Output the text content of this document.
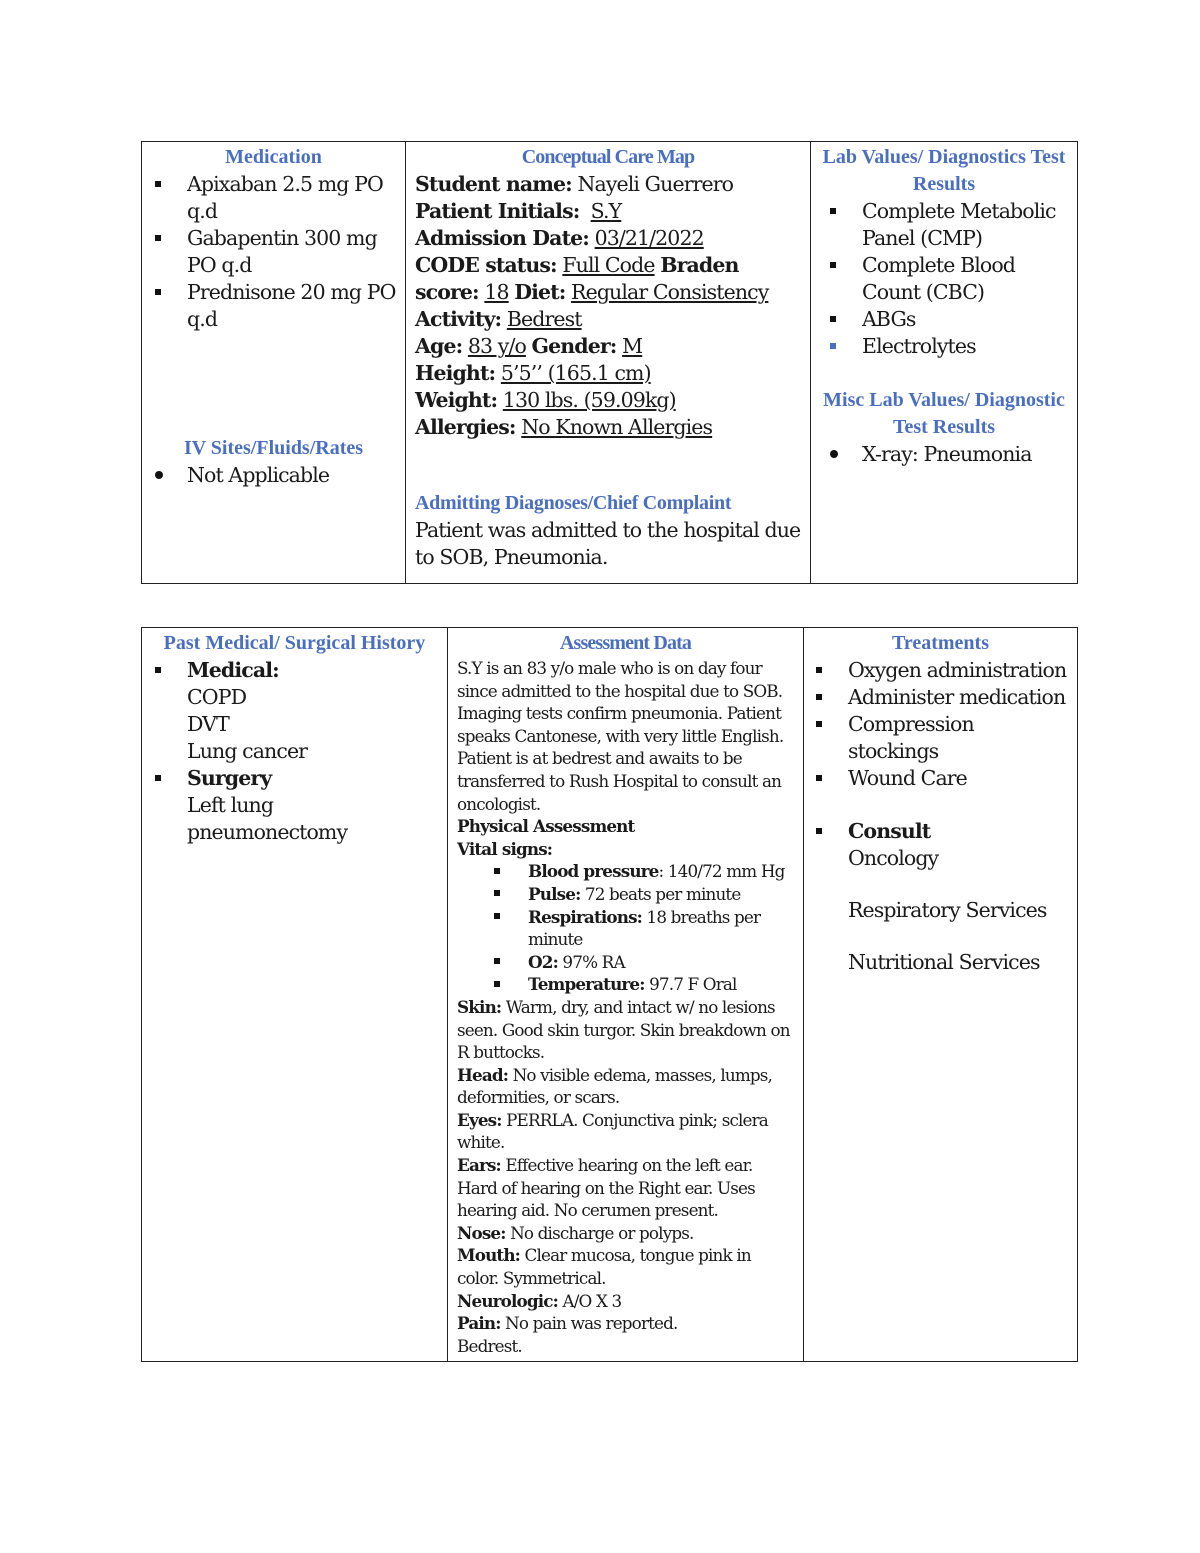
Medication
Apixaban 2.5 mg PO q.d
Gabapentin 300 mg PO q.d
Prednisone 20 mg PO q.d
IV Sites/Fluids/Rates
Not Applicable

Conceptual Care Map
Student name: Nayeli Guerrero
Patient Initials: S.Y
Admission Date: 03/21/2022
CODE status: Full Code Braden score: 18 Diet: Regular Consistency
Activity: Bedrest
Age: 83 y/o Gender: M
Height: 5’5’’ (165.1 cm)
Weight: 130 lbs. (59.09kg)
Allergies: No Known Allergies
Admitting Diagnoses/Chief Complaint
Patient was admitted to the hospital due to SOB, Pneumonia.

Lab Values/ Diagnostics Test Results
Complete Metabolic Panel (CMP)
Complete Blood Count (CBC)
ABGs
Electrolytes
Misc Lab Values/ Diagnostic Test Results
X-ray: Pneumonia
Past Medical/ Surgical History
Medical:
COPD
DVT
Lung cancer
Surgery
Left lung pneumonectomy

Assessment Data
S.Y is an 83 y/o male who is on day four since admitted to the hospital due to SOB. Imaging tests confirm pneumonia. Patient speaks Cantonese, with very little English. Patient is at bedrest and awaits to be transferred to Rush Hospital to consult an oncologist.
Physical Assessment
Vital signs:
Blood pressure: 140/72 mm Hg
Pulse: 72 beats per minute
Respirations: 18 breaths per minute
O2: 97% RA
Temperature: 97.7 F Oral
Skin: Warm, dry, and intact w/ no lesions seen. Good skin turgor. Skin breakdown on R buttocks.
Head: No visible edema, masses, lumps, deformities, or scars.
Eyes: PERRLA. Conjunctiva pink; sclera white.
Ears: Effective hearing on the left ear. Hard of hearing on the Right ear. Uses hearing aid. No cerumen present.
Nose: No discharge or polyps.
Mouth: Clear mucosa, tongue pink in color. Symmetrical.
Neurologic: A/O X 3
Pain: No pain was reported.
Bedrest.

Treatments
Oxygen administration
Administer medication
Compression stockings
Wound Care
Consult
Oncology
Respiratory Services
Nutritional Services
